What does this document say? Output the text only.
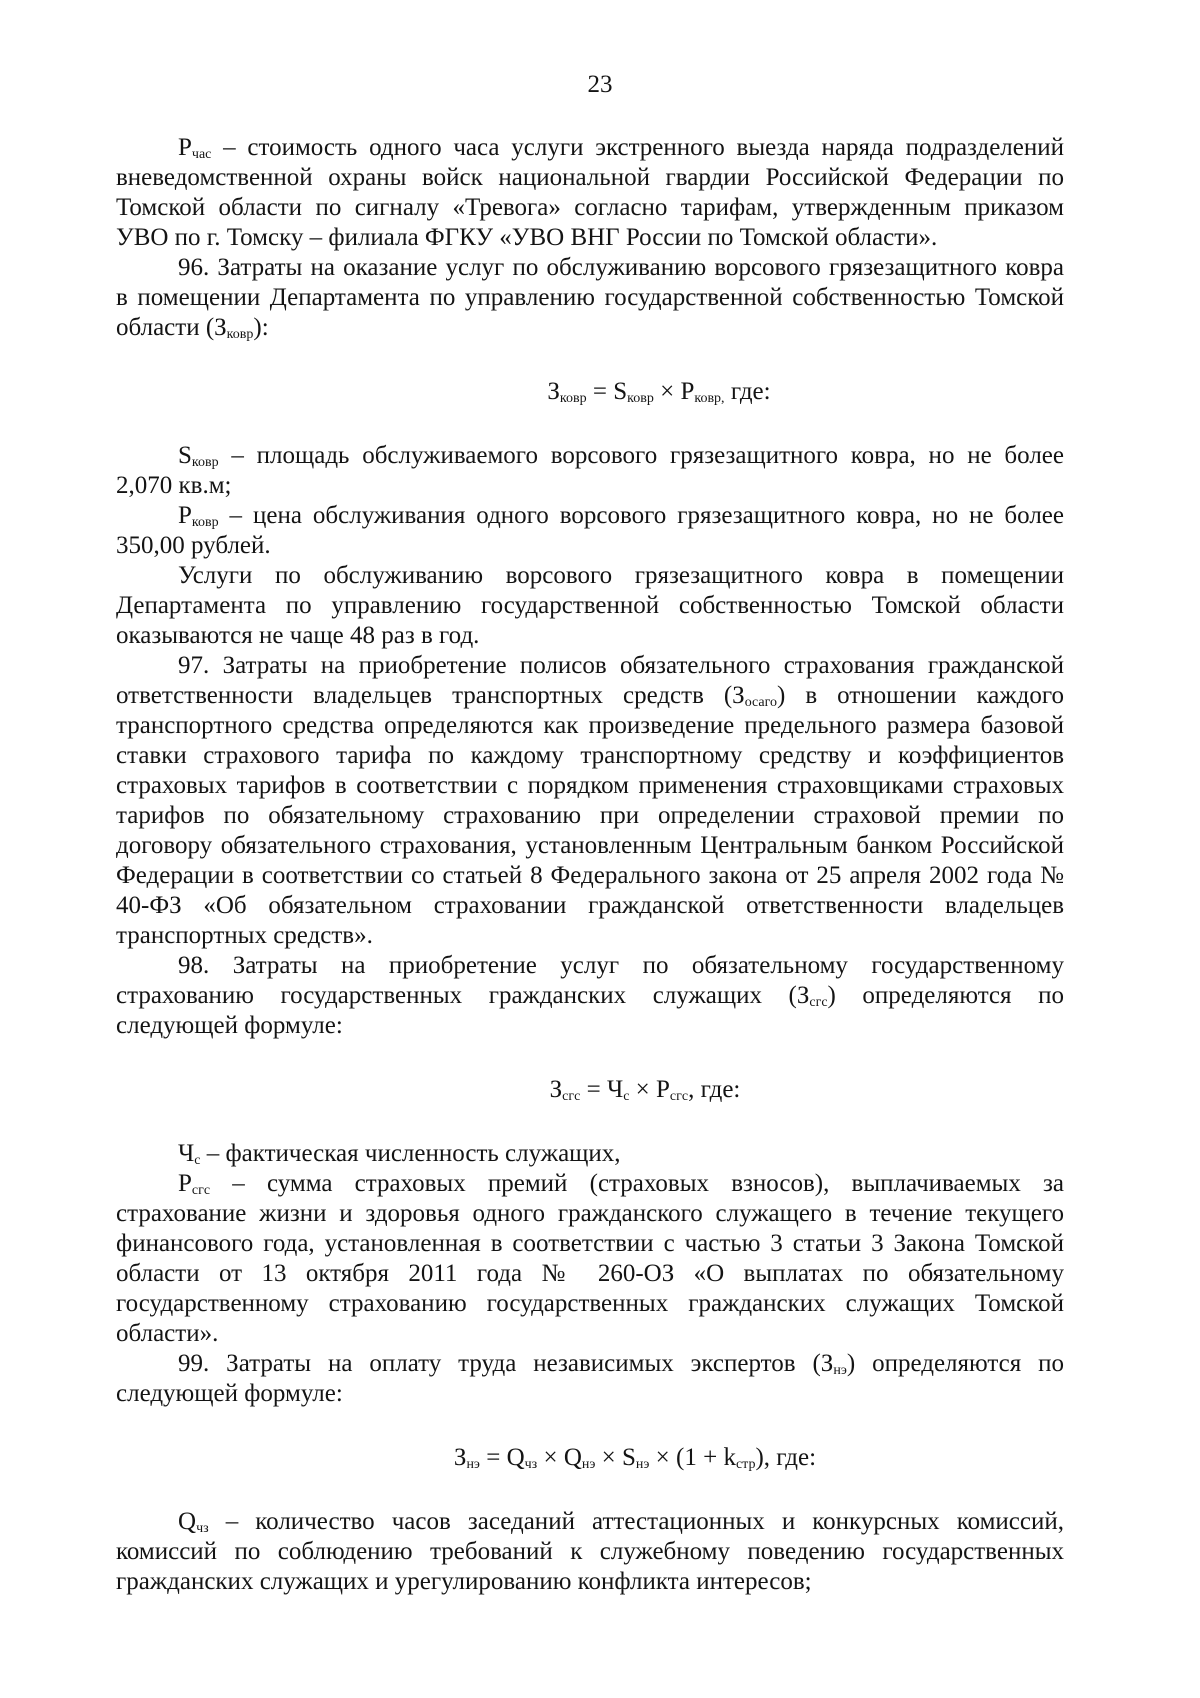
23

$P_{час}$ – стоимость одного часа услуги экстренного выезда наряда подразделений вневедомственной охраны войск национальной гвардии Российской Федерации по Томской области по сигналу «Тревога» согласно тарифам, утвержденным приказом УВО по г. Томску – филиала ФГКУ «УВО ВНГ России по Томской области».

96. Затраты на оказание услуг по обслуживанию ворсового грязезащитного ковра в помещении Департамента по управлению государственной собственностью Томской области $(З_{ковр})$:

$З_{ковр} = S_{ковр} \times P_{ковр,}$ где:

$S_{ковр}$ – площадь обслуживаемого ворсового грязезащитного ковра, но не более 2,070 кв.м;

$P_{ковр}$ – цена обслуживания одного ворсового грязезащитного ковра, но не более 350,00 рублей.

Услуги по обслуживанию ворсового грязезащитного ковра в помещении Департамента по управлению государственной собственностью Томской области оказываются не чаще 48 раз в год.

97. Затраты на приобретение полисов обязательного страхования гражданской ответственности владельцев транспортных средств $(З_{осаго})$ в отношении каждого транспортного средства определяются как произведение предельного размера базовой ставки страхового тарифа по каждому транспортному средству и коэффициентов страховых тарифов в соответствии с порядком применения страховщиками страховых тарифов по обязательному страхованию при определении страховой премии по договору обязательного страхования, установленным Центральным банком Российской Федерации в соответствии со статьей 8 Федерального закона от 25 апреля 2002 года № 40-ФЗ «Об обязательном страховании гражданской ответственности владельцев транспортных средств».

98. Затраты на приобретение услуг по обязательному государственному страхованию государственных гражданских служащих $(З_{сгс})$ определяются по следующей формуле:

$З_{сгс} = Ч_с \times P_{сгс}$, где:

$Ч_с$ – фактическая численность служащих,

$P_{сгс}$ – сумма страховых премий (страховых взносов), выплачиваемых за страхование жизни и здоровья одного гражданского служащего в течение текущего финансового года, установленная в соответствии с частью 3 статьи 3 Закона Томской области от 13 октября 2011 года № 260-ОЗ «О выплатах по обязательному государственному страхованию государственных гражданских служащих Томской области».

99. Затраты на оплату труда независимых экспертов $(З_{нэ})$ определяются по следующей формуле:

$З_{нэ} = Q_{чз} \times Q_{нэ} \times S_{нэ} \times (1 + k_{стр})$, где:

$Q_{чз}$ – количество часов заседаний аттестационных и конкурсных комиссий, комиссий по соблюдению требований к служебному поведению государственных гражданских служащих и урегулированию конфликта интересов;
